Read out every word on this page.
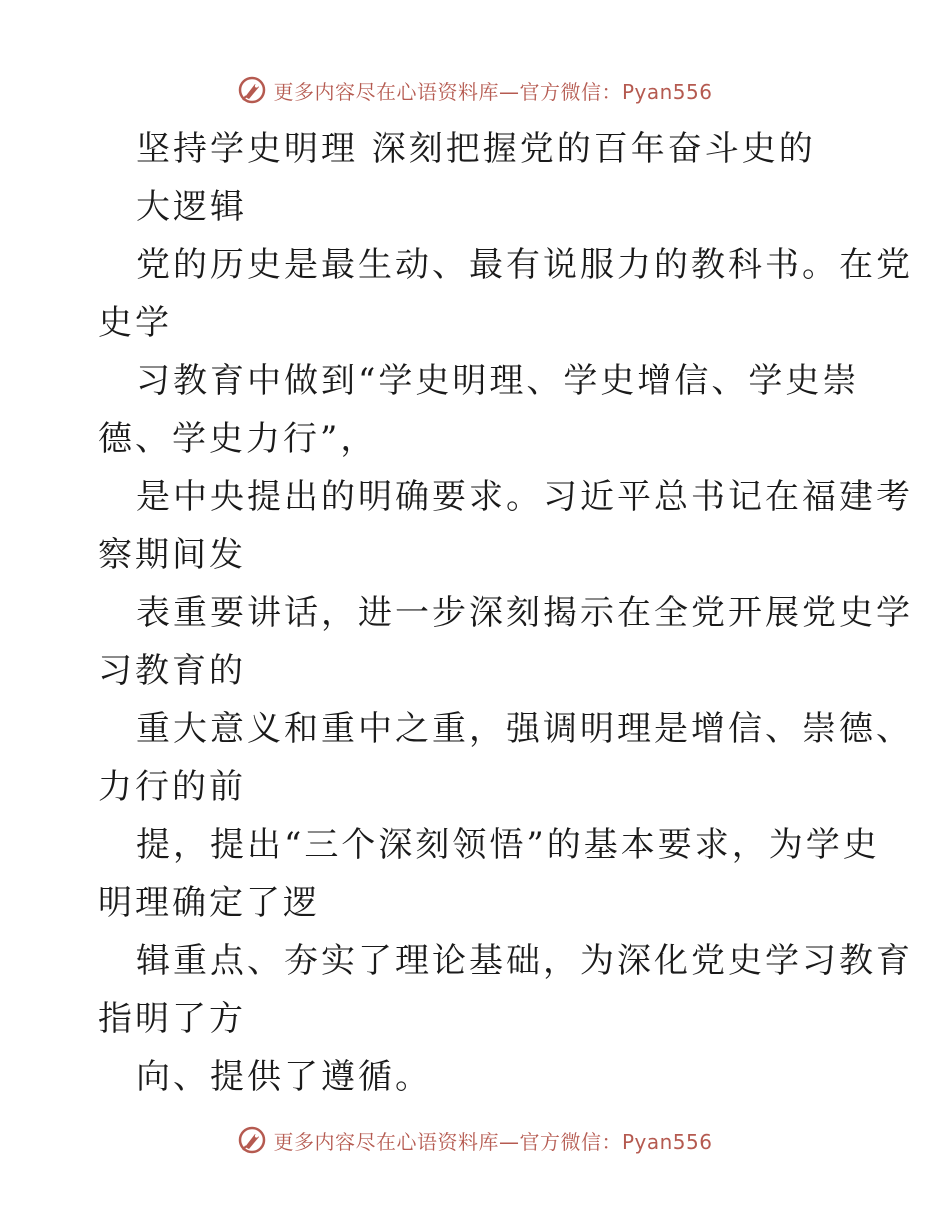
更多内容尽在心语资料库—官方微信：Pyan556
坚持学史明理 深刻把握党的百年奋斗史的
大逻辑
党的历史是最生动、最有说服力的教科书。在党
史学
习教育中做到“学史明理、学史增信、学史崇
德、学史力行”，
是中央提出的明确要求。习近平总书记在福建考
察期间发
表重要讲话，进一步深刻揭示在全党开展党史学
习教育的
重大意义和重中之重，强调明理是增信、崇德、
力行的前
提，提出“三个深刻领悟”的基本要求，为学史
明理确定了逻
辑重点、夯实了理论基础，为深化党史学习教育
指明了方
向、提供了遵循。
更多内容尽在心语资料库—官方微信：Pyan556
